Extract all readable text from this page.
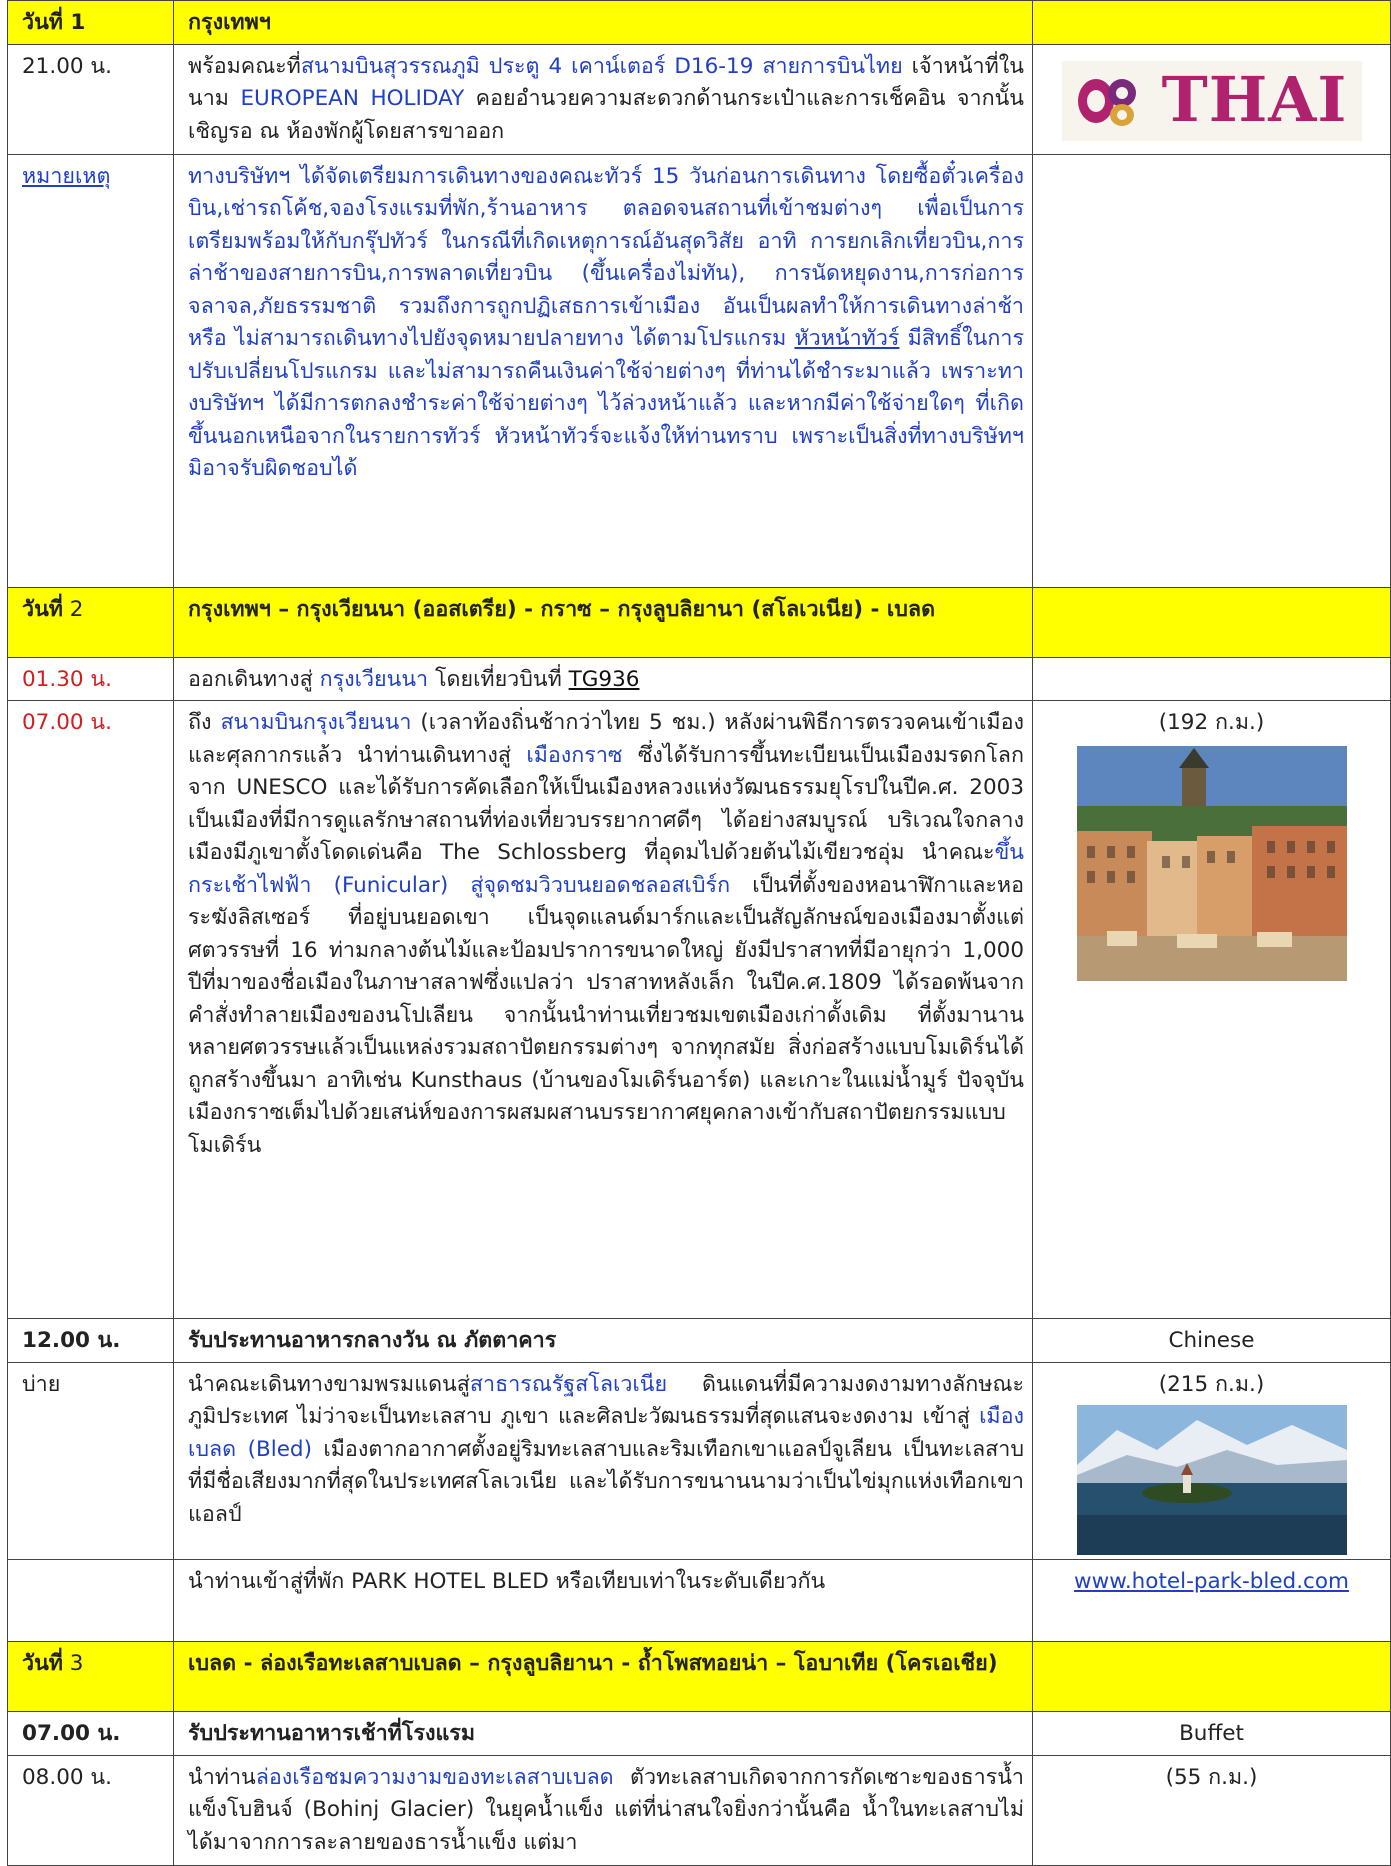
วันที่ 1	กรุงเทพฯ	
21.00 น.	พร้อมคณะที่สนามบินสุวรรณภูมิ ประตู 4 เคาน์เตอร์ D16-19 สายการบินไทย เจ้าหน้าที่ในนาม EUROPEAN HOLIDAY คอยอำนวยความสะดวกด้านกระเป๋าและการเช็คอิน จากนั้นเชิญรอ ณ ห้องพักผู้โดยสารขาออก	THAI

หมายเหตุ	ทางบริษัทฯ ได้จัดเตรียมการเดินทางของคณะทัวร์ 15 วันก่อนการเดินทาง โดยซื้อตั๋วเครื่องบิน,เช่ารถโค้ช,จองโรงแรมที่พัก,ร้านอาหาร ตลอดจนสถานที่เข้าชมต่างๆ เพื่อเป็นการเตรียมพร้อมให้กับกรุ๊ปทัวร์ ในกรณีที่เกิดเหตุการณ์อันสุดวิสัย อาทิ การยกเลิกเที่ยวบิน,การล่าช้าของสายการบิน,การพลาดเที่ยวบิน (ขึ้นเครื่องไม่ทัน), การนัดหยุดงาน,การก่อการจลาจล,ภัยธรรมชาติ รวมถึงการถูกปฏิเสธการเข้าเมือง อันเป็นผลทำให้การเดินทางล่าช้า หรือ ไม่สามารถเดินทางไปยังจุดหมายปลายทาง ได้ตามโปรแกรม หัวหน้าทัวร์ มีสิทธิ์ในการปรับเปลี่ยนโปรแกรม และไม่สามารถคืนเงินค่าใช้จ่ายต่างๆ ที่ท่านได้ชำระมาแล้ว เพราะทางบริษัทฯ ได้มีการตกลงชำระค่าใช้จ่ายต่างๆ ไว้ล่วงหน้าแล้ว และหากมีค่าใช้จ่ายใดๆ ที่เกิดขึ้นนอกเหนือจากในรายการทัวร์ หัวหน้าทัวร์จะแจ้งให้ท่านทราบ เพราะเป็นสิ่งที่ทางบริษัทฯ มิอาจรับผิดชอบได้	
วันที่ 2	กรุงเทพฯ – กรุงเวียนนา (ออสเตรีย) - กราซ – กรุงลูบลิยานา (สโลเวเนีย) - เบลด	
01.30 น.	ออกเดินทางสู่ กรุงเวียนนา โดยเที่ยวบินที่ TG936	
07.00 น.	ถึง สนามบินกรุงเวียนนา (เวลาท้องถิ่นช้ากว่าไทย 5 ชม.) หลังผ่านพิธีการตรวจคนเข้าเมืองและศุลกากรแล้ว นำท่านเดินทางสู่ เมืองกราซ ซึ่งได้รับการขึ้นทะเบียนเป็นเมืองมรดกโลกจาก UNESCO และได้รับการคัดเลือกให้เป็นเมืองหลวงแห่งวัฒนธรรมยุโรปในปีค.ศ. 2003 เป็นเมืองที่มีการดูแลรักษาสถานที่ท่องเที่ยวบรรยากาศดีๆ ได้อย่างสมบูรณ์ บริเวณใจกลางเมืองมีภูเขาตั้งโดดเด่นคือ The Schlossberg ที่อุดมไปด้วยต้นไม้เขียวชอุ่ม นำคณะขึ้นกระเช้าไฟฟ้า (Funicular) สู่จุดชมวิวบนยอดชลอสเบิร์ก เป็นที่ตั้งของหอนาฬิกาและหอระฆังลิสเซอร์ ที่อยู่บนยอดเขา เป็นจุดแลนด์มาร์กและเป็นสัญลักษณ์ของเมืองมาตั้งแต่ศตวรรษที่ 16 ท่ามกลางต้นไม้และป้อมปราการขนาดใหญ่ ยังมีปราสาทที่มีอายุกว่า 1,000 ปีที่มาของชื่อเมืองในภาษาสลาฟซึ่งแปลว่า ปราสาทหลังเล็ก ในปีค.ศ.1809 ได้รอดพ้นจากคำสั่งทำลายเมืองของนโปเลียน จากนั้นนำท่านเที่ยวชมเขตเมืองเก่าดั้งเดิม ที่ตั้งมานานหลายศตวรรษแล้วเป็นแหล่งรวมสถาปัตยกรรมต่างๆ จากทุกสมัย สิ่งก่อสร้างแบบโมเดิร์นได้ถูกสร้างขึ้นมา อาทิเช่น Kunsthaus (บ้านของโมเดิร์นอาร์ต) และเกาะในแม่น้ำมูร์ ปัจจุบันเมืองกราซเต็มไปด้วยเสน่ห์ของการผสมผสานบรรยากาศยุคกลางเข้ากับสถาปัตยกรรมแบบโมเดิร์น	(192 ก.ม.)

12.00 น.	รับประทานอาหารกลางวัน ณ ภัตตาคาร	Chinese
บ่าย	นำคณะเดินทางขามพรมแดนสู่สาธารณรัฐสโลเวเนีย ดินแดนที่มีความงดงามทางลักษณะภูมิประเทศ ไม่ว่าจะเป็นทะเลสาบ ภูเขา และศิลปะวัฒนธรรมที่สุดแสนจะงดงาม เข้าสู่ เมืองเบลด (Bled) เมืองตากอากาศตั้งอยู่ริมทะเลสาบและริมเทือกเขาแอลป์จูเลียน เป็นทะเลสาบที่มีชื่อเสียงมากที่สุดในประเทศสโลเวเนีย และได้รับการขนานนามว่าเป็นไข่มุกแห่งเทือกเขาแอลป์	(215 ก.ม.)

	นำท่านเข้าสู่ที่พัก PARK HOTEL BLED หรือเทียบเท่าในระดับเดียวกัน	www.hotel-park-bled.com
วันที่ 3	เบลด - ล่องเรือทะเลสาบเบลด – กรุงลูบลิยานา - ถ้ำโพสทอยน่า – โอบาเทีย (โครเอเชีย)	
07.00 น.	รับประทานอาหารเช้าที่โรงแรม	Buffet
08.00 น.	นำท่านล่องเรือชมความงามของทะเลสาบเบลด ตัวทะเลสาบเกิดจากการกัดเซาะของธารน้ำแข็งโบฮินจ์ (Bohinj Glacier) ในยุคน้ำแข็ง แต่ที่น่าสนใจยิ่งกว่านั้นคือ น้ำในทะเลสาบไม่ได้มาจากการละลายของธารน้ำแข็ง แต่มา	(55 ก.ม.)
